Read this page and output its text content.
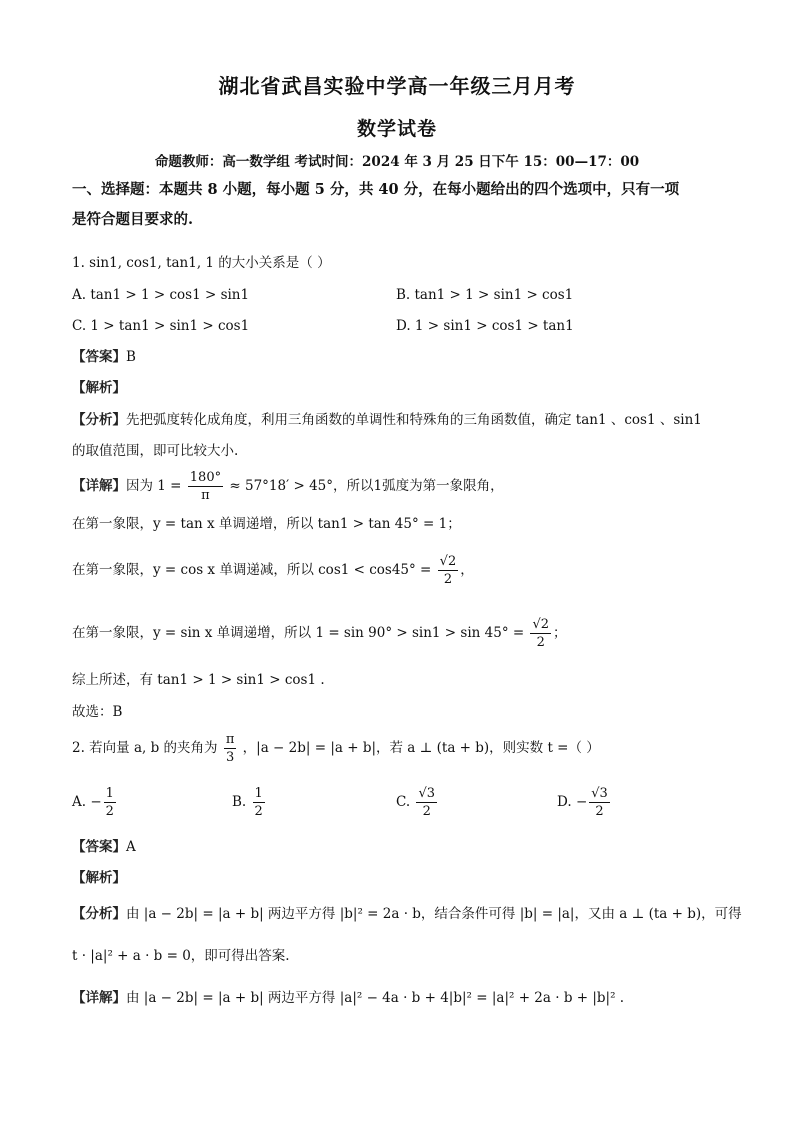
湖北省武昌实验中学高一年级三月月考
数学试卷
命题教师：高一数学组 考试时间：2024 年 3 月 25 日下午 15：00—17：00
一、选择题：本题共 8 小题，每小题 5 分，共 40 分，在每小题给出的四个选项中，只有一项
是符合题目要求的.
1. sin1, cos1, tan1, 1 的大小关系是（ ）
A. tan1 > 1 > cos1 > sin1	B. tan1 > 1 > sin1 > cos1
C. 1 > tan1 > sin1 > cos1	D. 1 > sin1 > cos1 > tan1
【答案】B
【解析】
【分析】先把弧度转化成角度，利用三角函数的单调性和特殊角的三角函数值，确定 tan1 、cos1 、sin1
的取值范围，即可比较大小.
【详解】因为 $1 = \frac{180^\circ}{\pi} \approx 57^\circ 18' > 45^\circ$，所以1弧度为第一象限角，
在第一象限，y = tan x 单调递增，所以 tan1 > tan 45° = 1；
在第一象限，y = cos x 单调递减，所以 $\cos 1 < \cos 45^\circ = \frac{√2}{2}$ ，
在第一象限，y = sin x 单调递增，所以 $1 = \sin 90^\circ > \sin 1 > \sin 45^\circ = \frac{√2}{2}$ ；
综上所述，有 tan1 > 1 > sin1 > cos1 .
故选：B
2. 若向量 a, b 的夹角为 $\frac{\pi}{3}$ ，|a − 2b| = |a + b|，若 a ⊥ (ta + b)，则实数 t =（ ）
A. − $\frac{1}{2}$	B. $\frac{1}{2}$	C. $\frac{√3}{2}$	D. − $\frac{√3}{2}$
【答案】A
【解析】
【分析】由 |a − 2b| = |a + b| 两边平方得 |b|² = 2a · b，结合条件可得 |b| = |a|，又由 a ⊥ (ta + b)，可得
t · |a|² + a · b = 0，即可得出答案.
【详解】由 |a − 2b| = |a + b| 两边平方得 |a|² − 4a · b + 4|b|² = |a|² + 2a · b + |b|² .
